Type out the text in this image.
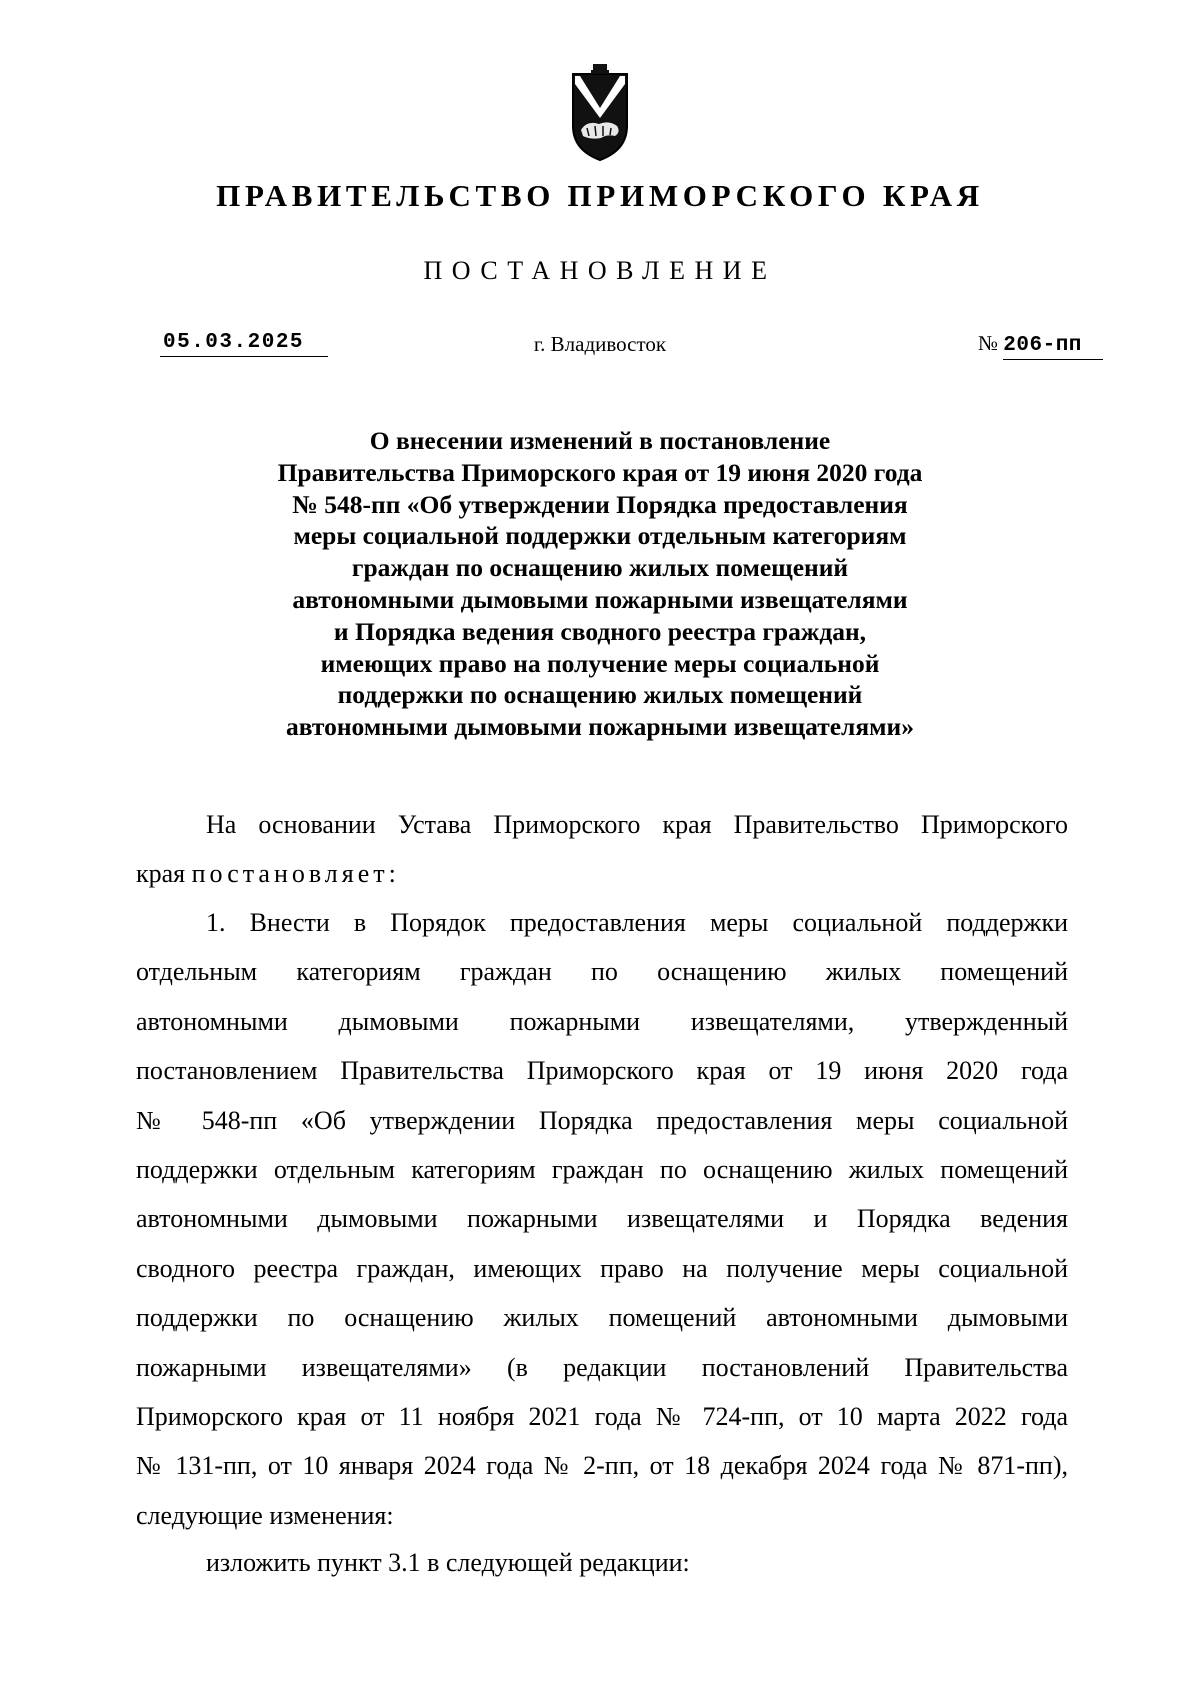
ПРАВИТЕЛЬСТВО ПРИМОРСКОГО КРАЯ
ПОСТАНОВЛЕНИЕ
05.03.2025	г. Владивосток	№ 206-пп
О внесении изменений в постановление
Правительства Приморского края от 19 июня 2020 года
№ 548-пп «Об утверждении Порядка предоставления
меры социальной поддержки отдельным категориям
граждан по оснащению жилых помещений
автономными дымовыми пожарными извещателями
и Порядка ведения сводного реестра граждан,
имеющих право на получение меры социальной
поддержки по оснащению жилых помещений
автономными дымовыми пожарными извещателями»
На основании Устава Приморского края Правительство Приморского
края постановляет:
1. Внести в Порядок предоставления меры социальной поддержки
отдельным категориям граждан по оснащению жилых помещений
автономными дымовыми пожарными извещателями, утвержденный
постановлением Правительства Приморского края от 19 июня 2020 года
№ 548-пп «Об утверждении Порядка предоставления меры социальной
поддержки отдельным категориям граждан по оснащению жилых помещений
автономными дымовыми пожарными извещателями и Порядка ведения
сводного реестра граждан, имеющих право на получение меры социальной
поддержки по оснащению жилых помещений автономными дымовыми
пожарными извещателями» (в редакции постановлений Правительства
Приморского края от 11 ноября 2021 года № 724-пп, от 10 марта 2022 года
№ 131-пп, от 10 января 2024 года № 2-пп, от 18 декабря 2024 года № 871-пп),
следующие изменения:
изложить пункт 3.1 в следующей редакции:
